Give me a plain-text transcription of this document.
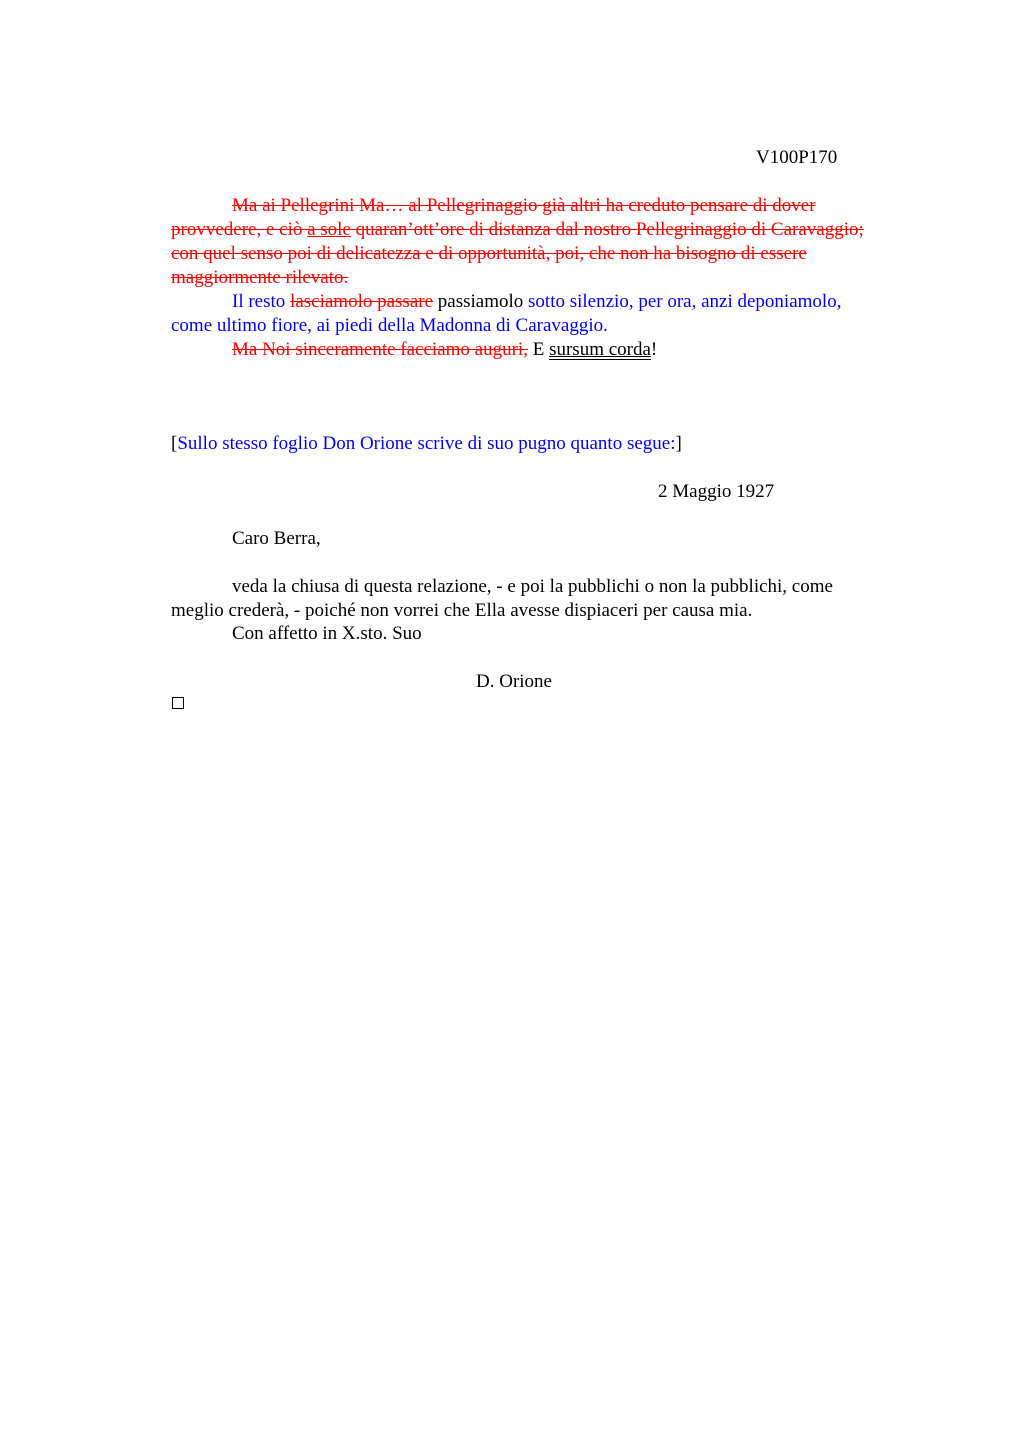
V100P170
Ma ai Pellegrini Ma… al Pellegrinaggio già altri ha creduto pensare di dover
provvedere, e ciò a sole quaran’ott’ore di distanza dal nostro Pellegrinaggio di Caravaggio;
con quel senso poi di delicatezza e di opportunità, poi, che non ha bisogno di essere
maggiormente rilevato.
Il resto lasciamolo passare passiamolo sotto silenzio, per ora, anzi deponiamolo,
come ultimo fiore, ai piedi della Madonna di Caravaggio.
Ma Noi sinceramente facciamo auguri, E sursum corda!
[Sullo stesso foglio Don Orione scrive di suo pugno quanto segue:]
2 Maggio 1927
Caro Berra,
veda la chiusa di questa relazione, - e poi la pubblichi o non la pubblichi, come
meglio crederà, - poiché non vorrei che Ella avesse dispiaceri per causa mia.
Con affetto in X.sto. Suo
D. Orione
